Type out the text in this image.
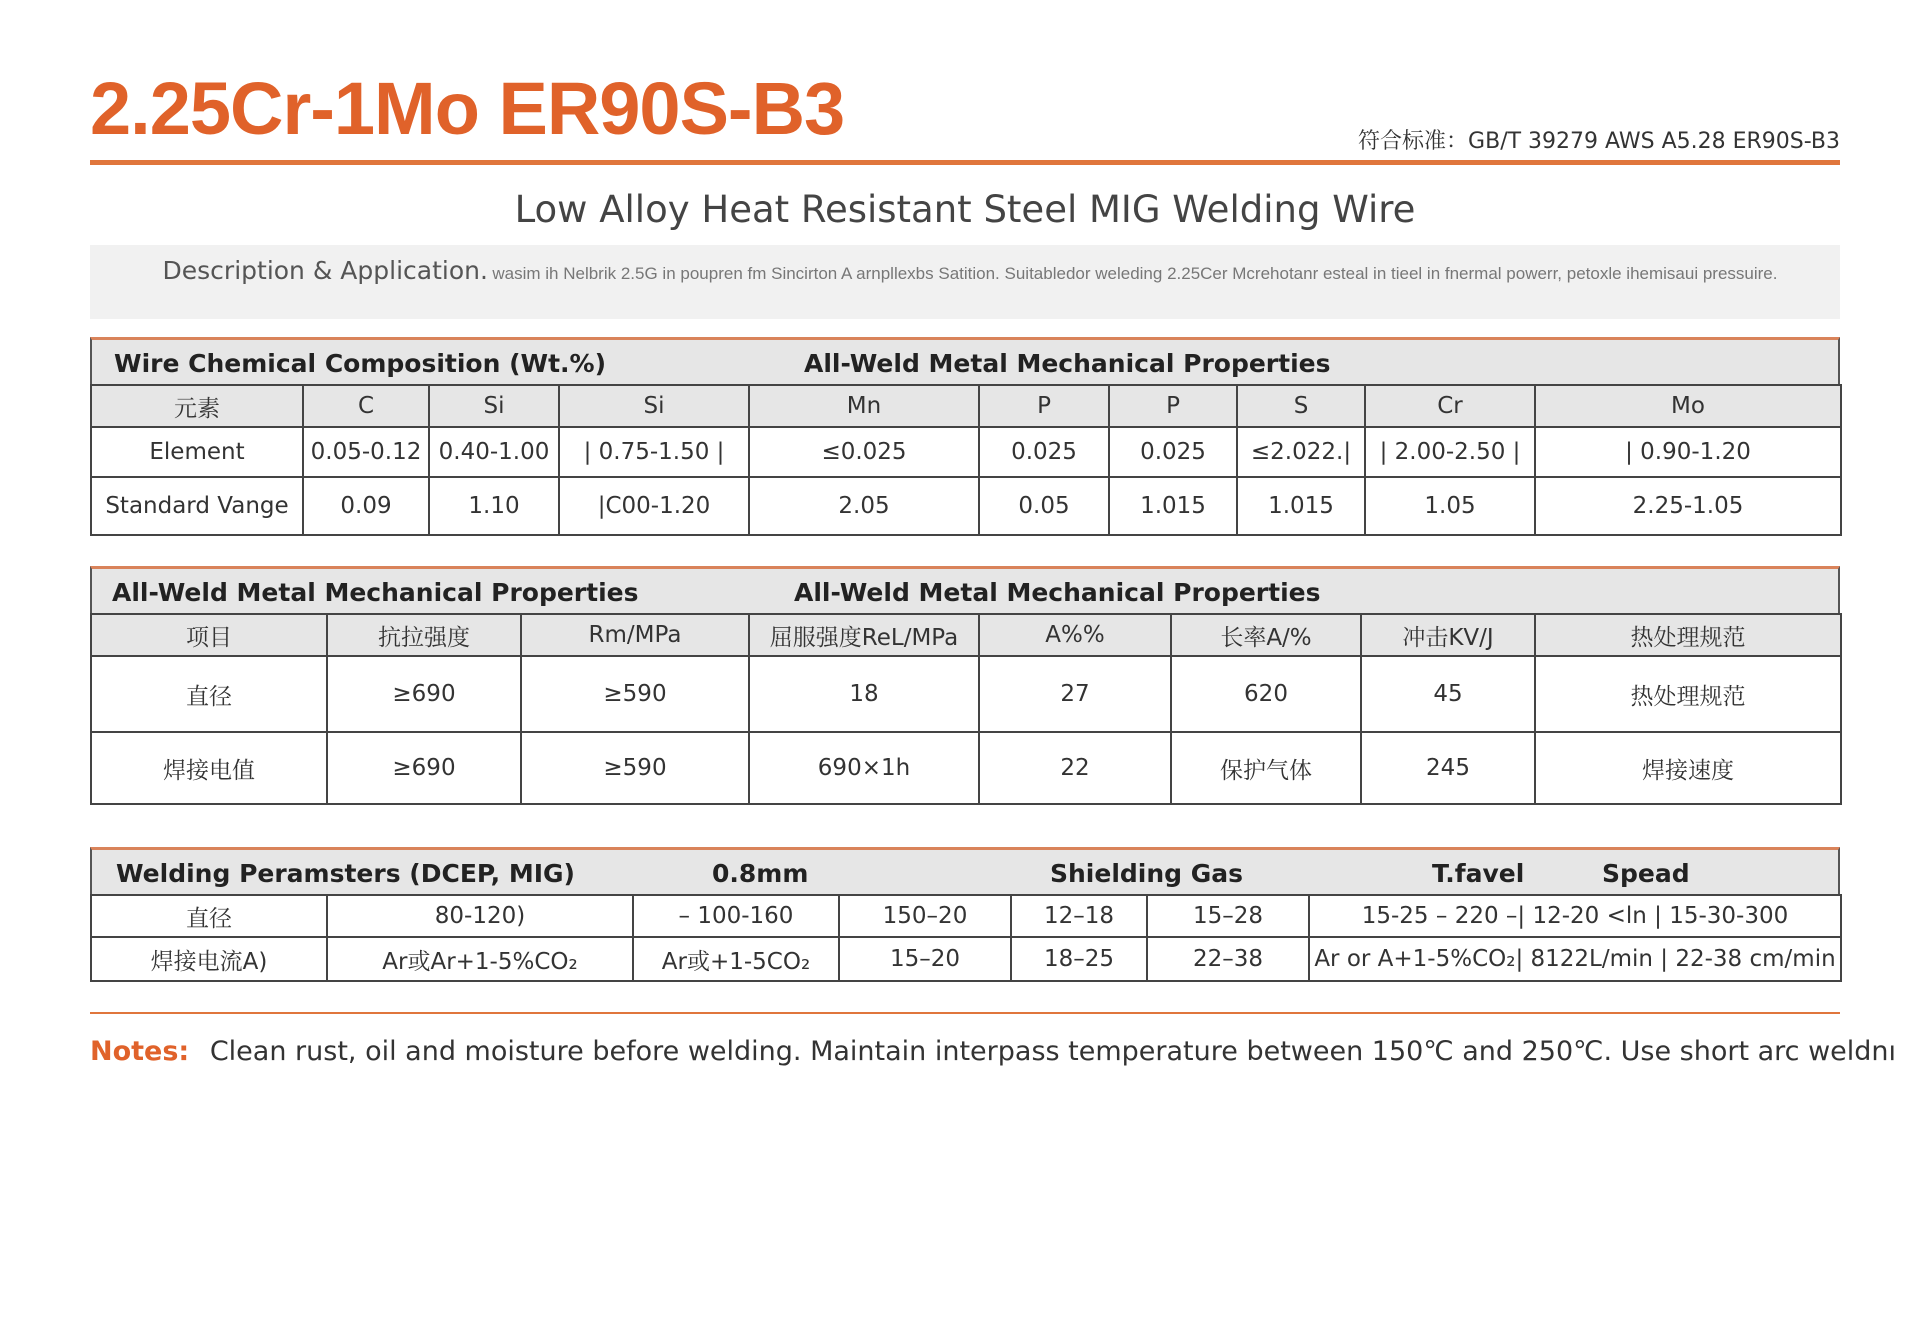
2.25Cr-1Mo ER90S-B3	符合标准：GB/T 39279 AWS A5.28 ER90S-B3
Low Alloy Heat Resistant Steel MIG Welding Wire
Description & Application. wasim ih Nelbrik 2.5G in poupren fm Sincirton A arnpllexbs Satition. Suitabledor weleding 2.25Cer Mcrehotanr esteal in tieel in fnermal powerr, petoxle ihemisaui pressuire.
Wire Chemical Composition (Wt.%)	All-Weld Metal Mechanical Properties
元素	C	Si	Si	Mn	P	P	S	Cr	Mo
Element	0.05-0.12	0.40-1.00	| 0.75-1.50 |	≤0.025	0.025	0.025	≤2.022.|	| 2.00-2.50 |	| 0.90-1.20
Standard Vange	0.09	1.10	|C00-1.20	2.05	0.05	1.015	1.015	1.05	2.25-1.05
All-Weld Metal Mechanical Properties	All-Weld Metal Mechanical Properties
项目	抗拉强度	Rm/MPa	屈服强度ReL/MPa	A%%	长率A/%	冲击KV/J	热处理规范
直径	≥690	≥590	18	27	620	45	热处理规范
焊接电值	≥690	≥590	690×1h	22	保护气体	245	焊接速度
Welding Peramsters (DCEP, MIG)	0.8mm	Shielding Gas	T.favel	Spead
直径	80-120)	– 100-160	150–20	12–18	15–28	15-25 – 220 –| 12-20 <ln | 15-30-300
焊接电流A)	Ar或Ar+1-5%CO₂	Ar或+1-5CO₂	15–20	18–25	22–38	Ar or A+1-5%CO₂| 8122L/min | 22-38 cm/min
Notes: Clean rust, oil and moisture before welding. Maintain interpass temperature between 150℃ and 250℃. Use short arc weldnı
